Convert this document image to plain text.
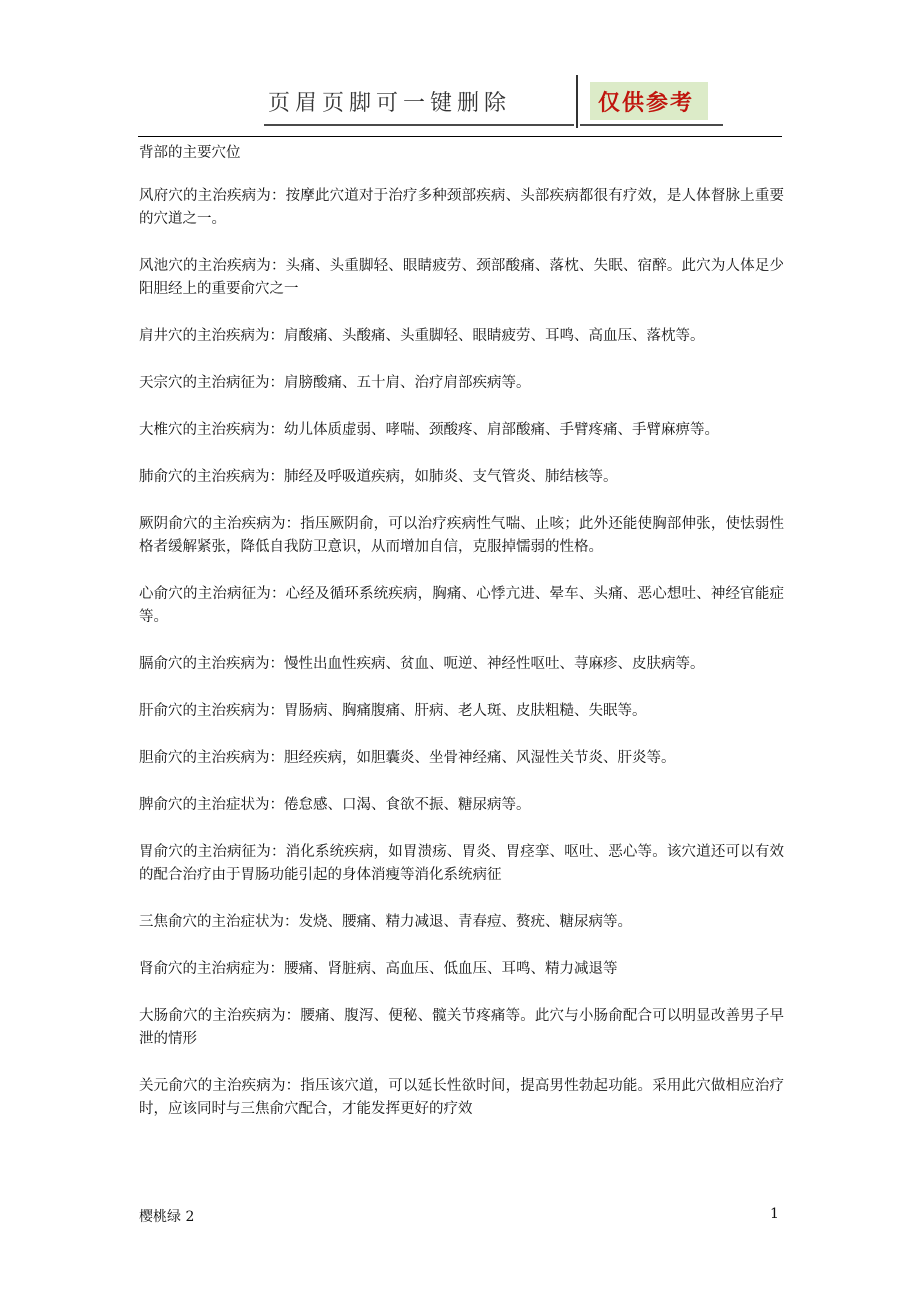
页眉页脚可一键删除	仅供参考

背部的主要穴位

风府穴的主治疾病为：按摩此穴道对于治疗多种颈部疾病、头部疾病都很有疗效，是人体督脉上重要的穴道之一。

风池穴的主治疾病为：头痛、头重脚轻、眼睛疲劳、颈部酸痛、落枕、失眠、宿醉。此穴为人体足少阳胆经上的重要俞穴之一

肩井穴的主治疾病为：肩酸痛、头酸痛、头重脚轻、眼睛疲劳、耳鸣、高血压、落枕等。

天宗穴的主治病征为：肩膀酸痛、五十肩、治疗肩部疾病等。

大椎穴的主治疾病为：幼儿体质虚弱、哮喘、颈酸疼、肩部酸痛、手臂疼痛、手臂麻痹等。

肺俞穴的主治疾病为：肺经及呼吸道疾病，如肺炎、支气管炎、肺结核等。

厥阴俞穴的主治疾病为：指压厥阴俞，可以治疗疾病性气喘、止咳；此外还能使胸部伸张，使怯弱性格者缓解紧张，降低自我防卫意识，从而增加自信，克服掉懦弱的性格。

心俞穴的主治病征为：心经及循环系统疾病，胸痛、心悸亢进、晕车、头痛、恶心想吐、神经官能症等。

膈俞穴的主治疾病为：慢性出血性疾病、贫血、呃逆、神经性呕吐、荨麻疹、皮肤病等。

肝俞穴的主治疾病为：胃肠病、胸痛腹痛、肝病、老人斑、皮肤粗糙、失眠等。

胆俞穴的主治疾病为：胆经疾病，如胆囊炎、坐骨神经痛、风湿性关节炎、肝炎等。

脾俞穴的主治症状为：倦怠感、口渴、食欲不振、糖尿病等。

胃俞穴的主治病征为：消化系统疾病，如胃溃疡、胃炎、胃痉挛、呕吐、恶心等。该穴道还可以有效的配合治疗由于胃肠功能引起的身体消瘦等消化系统病征

三焦俞穴的主治症状为：发烧、腰痛、精力减退、青春痘、赘疣、糖尿病等。

肾俞穴的主治病症为：腰痛、肾脏病、高血压、低血压、耳鸣、精力减退等

大肠俞穴的主治疾病为：腰痛、腹泻、便秘、髋关节疼痛等。此穴与小肠俞配合可以明显改善男子早泄的情形

关元俞穴的主治疾病为：指压该穴道，可以延长性欲时间，提高男性勃起功能。采用此穴做相应治疗时，应该同时与三焦俞穴配合，才能发挥更好的疗效

樱桃绿 2	1
